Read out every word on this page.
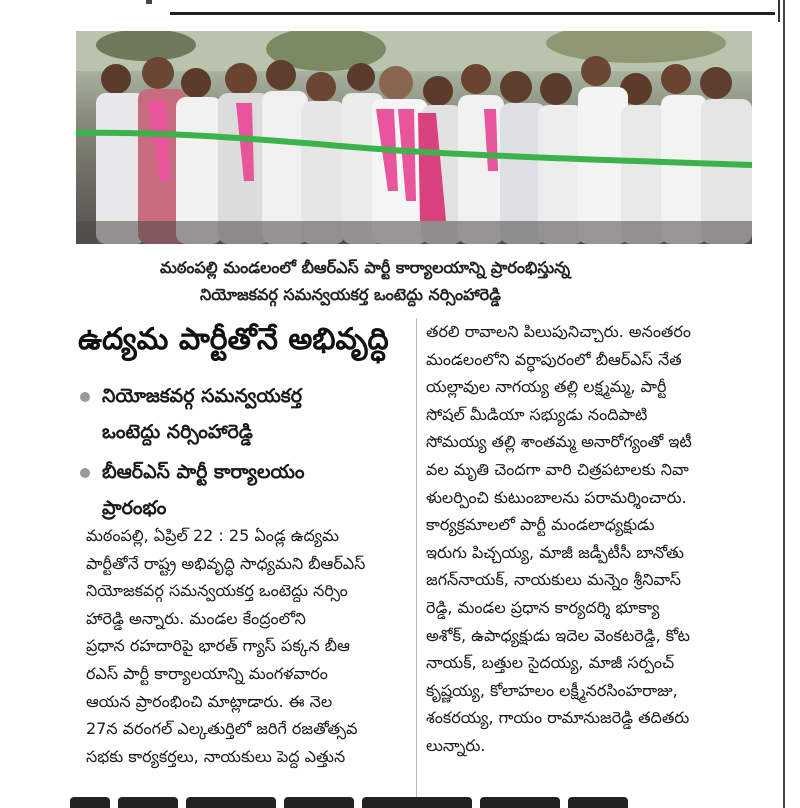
మఠంపల్లి మండలంలో బీఆర్ఎస్ పార్టీ కార్యాలయాన్ని ప్రారంభిస్తున్న
నియోజకవర్గ సమన్వయకర్త ఒంటెద్దు నర్సింహారెడ్డి
ఉద్యమ పార్టీతోనే అభివృద్ధి
నియోజకవర్గ సమన్వయకర్త
ఒంటెద్దు నర్సింహారెడ్డి
బీఆర్ఎస్ పార్టీ కార్యాలయం
ప్రారంభం
మఠంపల్లి, ఏప్రిల్ 22 : 25 ఏండ్ల ఉద్యమ
పార్టీతోనే రాష్ట్ర అభివృద్ధి సాధ్యమని బీఆర్ఎస్
నియోజకవర్గ సమన్వయకర్త ఒంటెద్దు నర్సిం
హారెడ్డి అన్నారు. మండల కేంద్రంలోని
ప్రధాన రహదారిపై భారత్ గ్యాస్ పక్కన బీఆ
రఎస్ పార్టీ కార్యాలయాన్ని మంగళవారం
ఆయన ప్రారంభించి మాట్లాడారు. ఈ నెల
27న వరంగల్ ఎల్కతుర్తిలో జరిగే రజతోత్సవ
సభకు కార్యకర్తలు, నాయకులు పెద్ద ఎత్తున
తరలి రావాలని పిలుపునిచ్చారు. అనంతరం
మండలంలోని వర్ధాపురంలో బీఆర్ఎస్ నేత
యల్లావుల నాగయ్య తల్లి లక్ష్మమ్మ, పార్టీ
సోషల్ మీడియా సభ్యుడు నందిపాటి
సోమయ్య తల్లి శాంతమ్మ అనారోగ్యంతో ఇటీ
వల మృతి చెందగా వారి చిత్రపటాలకు నివా
ళులర్పించి కుటుంబాలను పరామర్శించారు.
కార్యక్రమాలలో పార్టీ మండలాధ్యక్షుడు
ఇరుగు పిచ్చయ్య, మాజీ జడ్పీటీసీ బానోతు
జగన్‌నాయక్, నాయకులు మన్నెం శ్రీనివాస్
రెడ్డి, మండల ప్రధాన కార్యదర్శి భూక్యా
అశోక్, ఉపాధ్యక్షుడు ఇదెల వెంకటరెడ్డి, కోట
నాయక్, బత్తుల సైదయ్య, మాజీ సర్పంచ్
కృష్ణయ్య, కోలాహలం లక్ష్మీనరసింహరాజు,
శంకరయ్య, గాయం రామానుజరెడ్డి తదితరు
లున్నారు.
